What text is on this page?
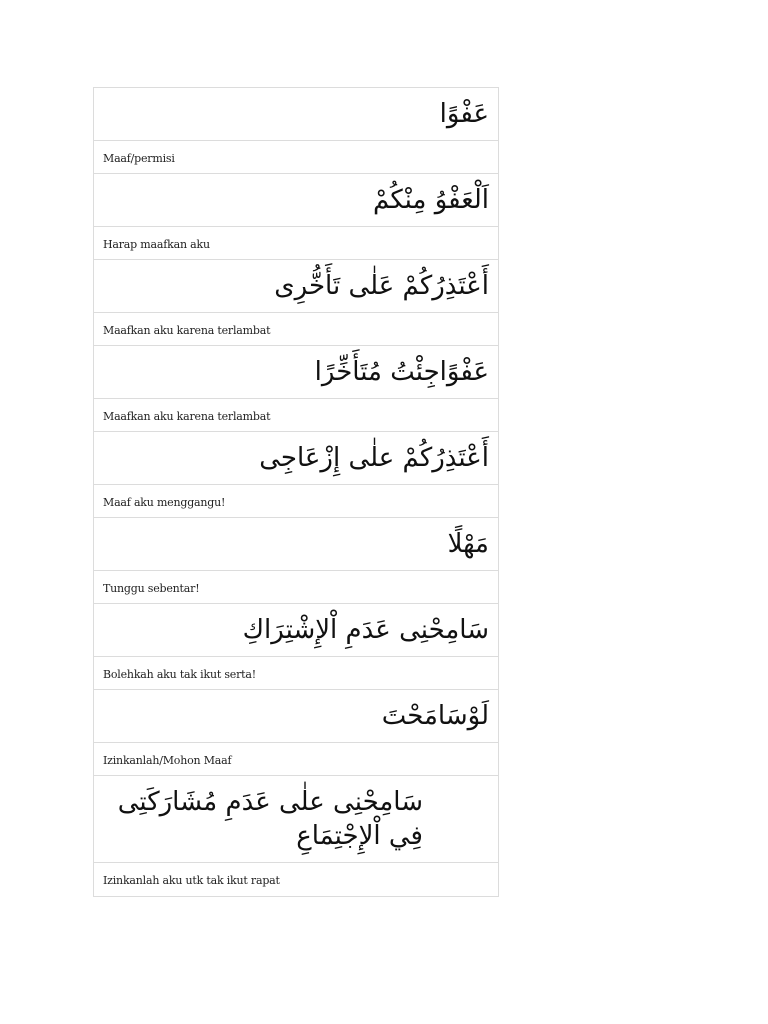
عَفْوًا
Maaf/permisi
اَلْعَفْوُ مِنْكُمْ
Harap maafkan aku
أَعْتَذِرُكُمْ عَلٰى تَأَخُّرِى
Maafkan aku karena terlambat
عَفْوًاجِئْتُ مُتَأَخِّرًا
Maafkan aku karena terlambat
أَعْتَذِرُكُمْ علٰى إِزْعَاجِى
Maaf aku menggangu!
مَهْلًا
Tunggu sebentar!
سَامِحْنِى عَدَمِ اْلإِشْتِرَاكِ
Bolehkah aku tak ikut serta!
لَوْسَامَحْتَ
Izinkanlah/Mohon Maaf
سَامِحْنِى علٰى عَدَمِ مُشَارَكَتِى فِي اْلإِجْتِمَاعِ
Izinkanlah aku utk tak ikut rapat
